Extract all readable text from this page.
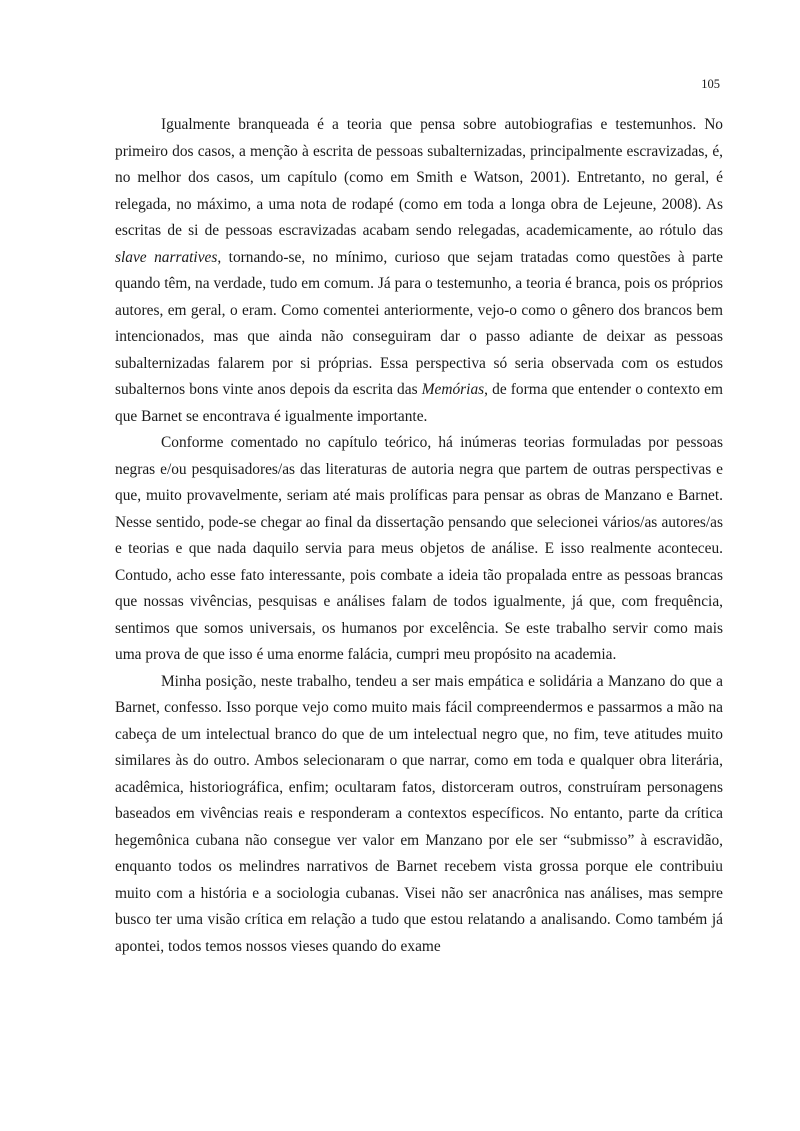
105

Igualmente branqueada é a teoria que pensa sobre autobiografias e testemunhos. No primeiro dos casos, a menção à escrita de pessoas subalternizadas, principalmente escravizadas, é, no melhor dos casos, um capítulo (como em Smith e Watson, 2001). Entretanto, no geral, é relegada, no máximo, a uma nota de rodapé (como em toda a longa obra de Lejeune, 2008). As escritas de si de pessoas escravizadas acabam sendo relegadas, academicamente, ao rótulo das slave narratives, tornando-se, no mínimo, curioso que sejam tratadas como questões à parte quando têm, na verdade, tudo em comum. Já para o testemunho, a teoria é branca, pois os próprios autores, em geral, o eram. Como comentei anteriormente, vejo-o como o gênero dos brancos bem intencionados, mas que ainda não conseguiram dar o passo adiante de deixar as pessoas subalternizadas falarem por si próprias. Essa perspectiva só seria observada com os estudos subalternos bons vinte anos depois da escrita das Memórias, de forma que entender o contexto em que Barnet se encontrava é igualmente importante.

Conforme comentado no capítulo teórico, há inúmeras teorias formuladas por pessoas negras e/ou pesquisadores/as das literaturas de autoria negra que partem de outras perspectivas e que, muito provavelmente, seriam até mais prolíficas para pensar as obras de Manzano e Barnet. Nesse sentido, pode-se chegar ao final da dissertação pensando que selecionei vários/as autores/as e teorias e que nada daquilo servia para meus objetos de análise. E isso realmente aconteceu. Contudo, acho esse fato interessante, pois combate a ideia tão propalada entre as pessoas brancas que nossas vivências, pesquisas e análises falam de todos igualmente, já que, com frequência, sentimos que somos universais, os humanos por excelência. Se este trabalho servir como mais uma prova de que isso é uma enorme falácia, cumpri meu propósito na academia.

Minha posição, neste trabalho, tendeu a ser mais empática e solidária a Manzano do que a Barnet, confesso. Isso porque vejo como muito mais fácil compreendermos e passarmos a mão na cabeça de um intelectual branco do que de um intelectual negro que, no fim, teve atitudes muito similares às do outro. Ambos selecionaram o que narrar, como em toda e qualquer obra literária, acadêmica, historiográfica, enfim; ocultaram fatos, distorceram outros, construíram personagens baseados em vivências reais e responderam a contextos específicos. No entanto, parte da crítica hegemônica cubana não consegue ver valor em Manzano por ele ser “submisso” à escravidão, enquanto todos os melindres narrativos de Barnet recebem vista grossa porque ele contribuiu muito com a história e a sociologia cubanas. Visei não ser anacrônica nas análises, mas sempre busco ter uma visão crítica em relação a tudo que estou relatando a analisando. Como também já apontei, todos temos nossos vieses quando do exame
